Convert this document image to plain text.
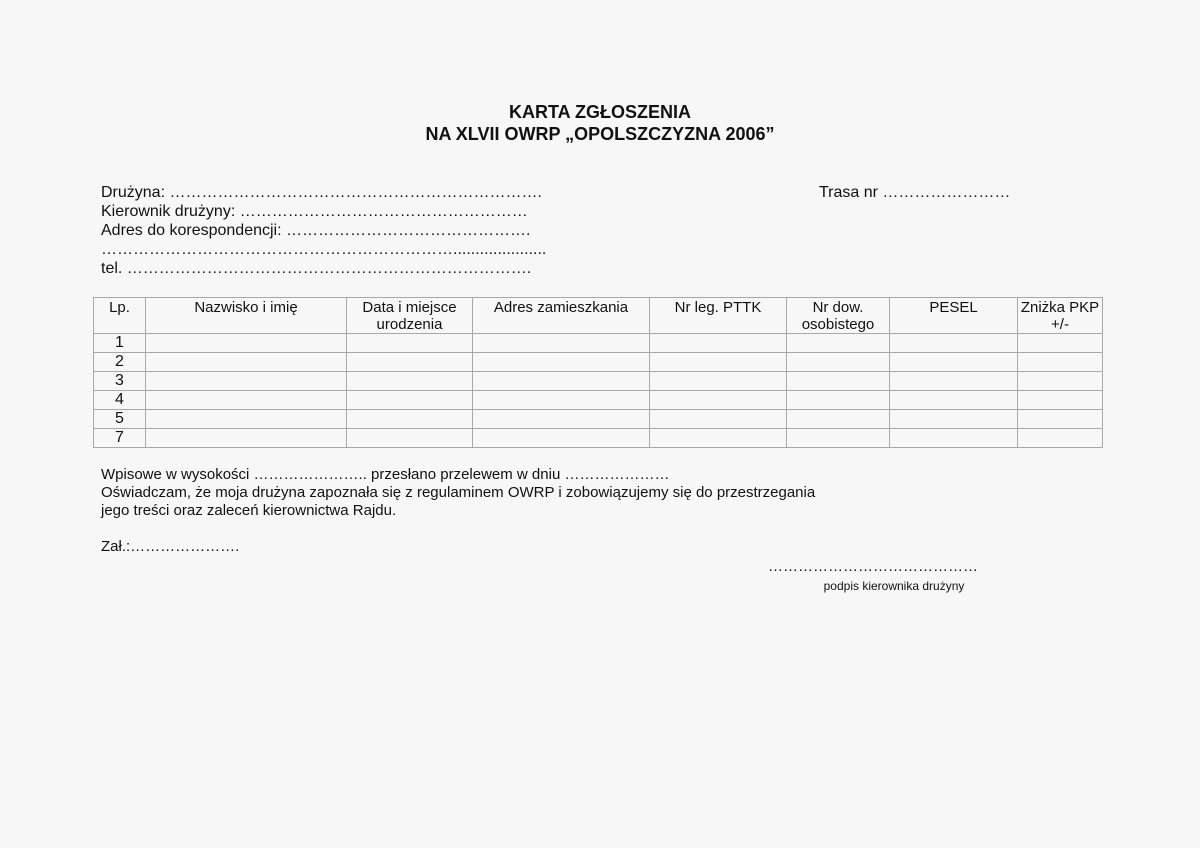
KARTA ZGŁOSZENIA
NA XLVII OWRP „OPOLSZCZYZNA 2006”
Drużyna: …………………………………………………………….
Kierownik drużyny: ………………………………………………
Adres do korespondencji: ……………………………………….
………………………………………………………….....................
tel. ………………………………………………………………….
Trasa nr ……………………
Lp.	Nazwisko i imię	Data i miejsce urodzenia	Adres zamieszkania	Nr leg. PTTK	Nr dow. osobistego	PESEL	Zniżka PKP +/-
1							
2							
3							
4							
5							
7							
Wpisowe w wysokości ………………….. przesłano przelewem w dniu …………………
Oświadczam, że moja drużyna zapoznała się z regulaminem OWRP i zobowiązujemy się do przestrzegania
jego treści oraz zaleceń kierownictwa Rajdu.
Zał.:………………….
……………………………………
podpis kierownika drużyny
